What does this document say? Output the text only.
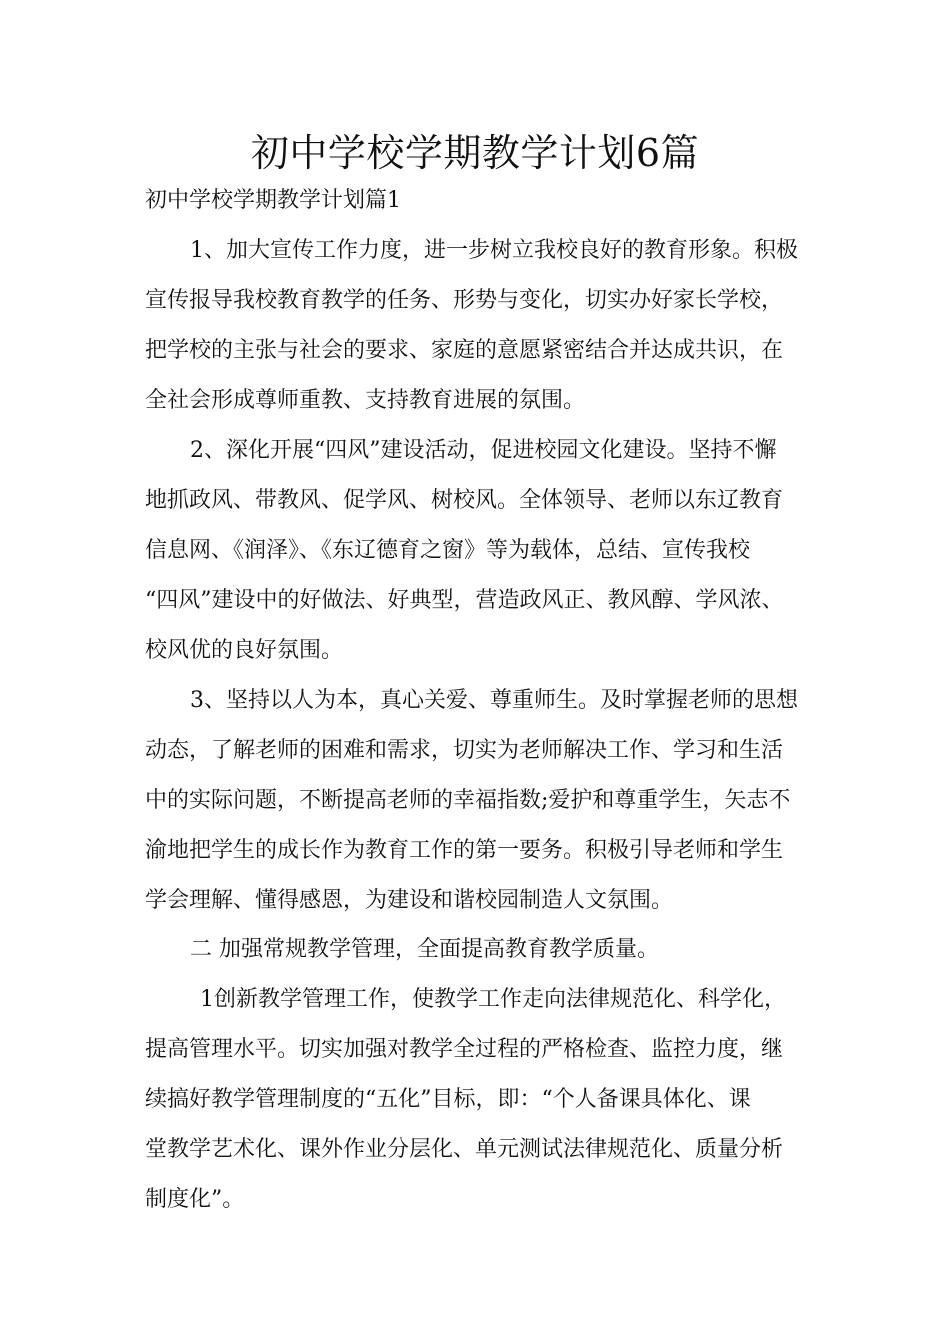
初中学校学期教学计划6篇

初中学校学期教学计划篇1

1、加大宣传工作力度，进一步树立我校良好的教育形象。积极

宣传报导我校教育教学的任务、形势与变化，切实办好家长学校，

把学校的主张与社会的要求、家庭的意愿紧密结合并达成共识，在

全社会形成尊师重教、支持教育进展的氛围。

2、深化开展“四风”建设活动，促进校园文化建设。坚持不懈

地抓政风、带教风、促学风、树校风。全体领导、老师以东辽教育

信息网、《润泽》、《东辽德育之窗》等为载体，总结、宣传我校

“四风”建设中的好做法、好典型，营造政风正、教风醇、学风浓、

校风优的良好氛围。

3、坚持以人为本，真心关爱、尊重师生。及时掌握老师的思想

动态，了解老师的困难和需求，切实为老师解决工作、学习和生活

中的实际问题，不断提高老师的幸福指数;爱护和尊重学生，矢志不

渝地把学生的成长作为教育工作的第一要务。积极引导老师和学生

学会理解、懂得感恩，为建设和谐校园制造人文氛围。

二 加强常规教学管理，全面提高教育教学质量。

1创新教学管理工作，使教学工作走向法律规范化、科学化，

提高管理水平。切实加强对教学全过程的严格检查、监控力度，继

续搞好教学管理制度的“五化”目标，即：“个人备课具体化、课

堂教学艺术化、课外作业分层化、单元测试法律规范化、质量分析

制度化”。
